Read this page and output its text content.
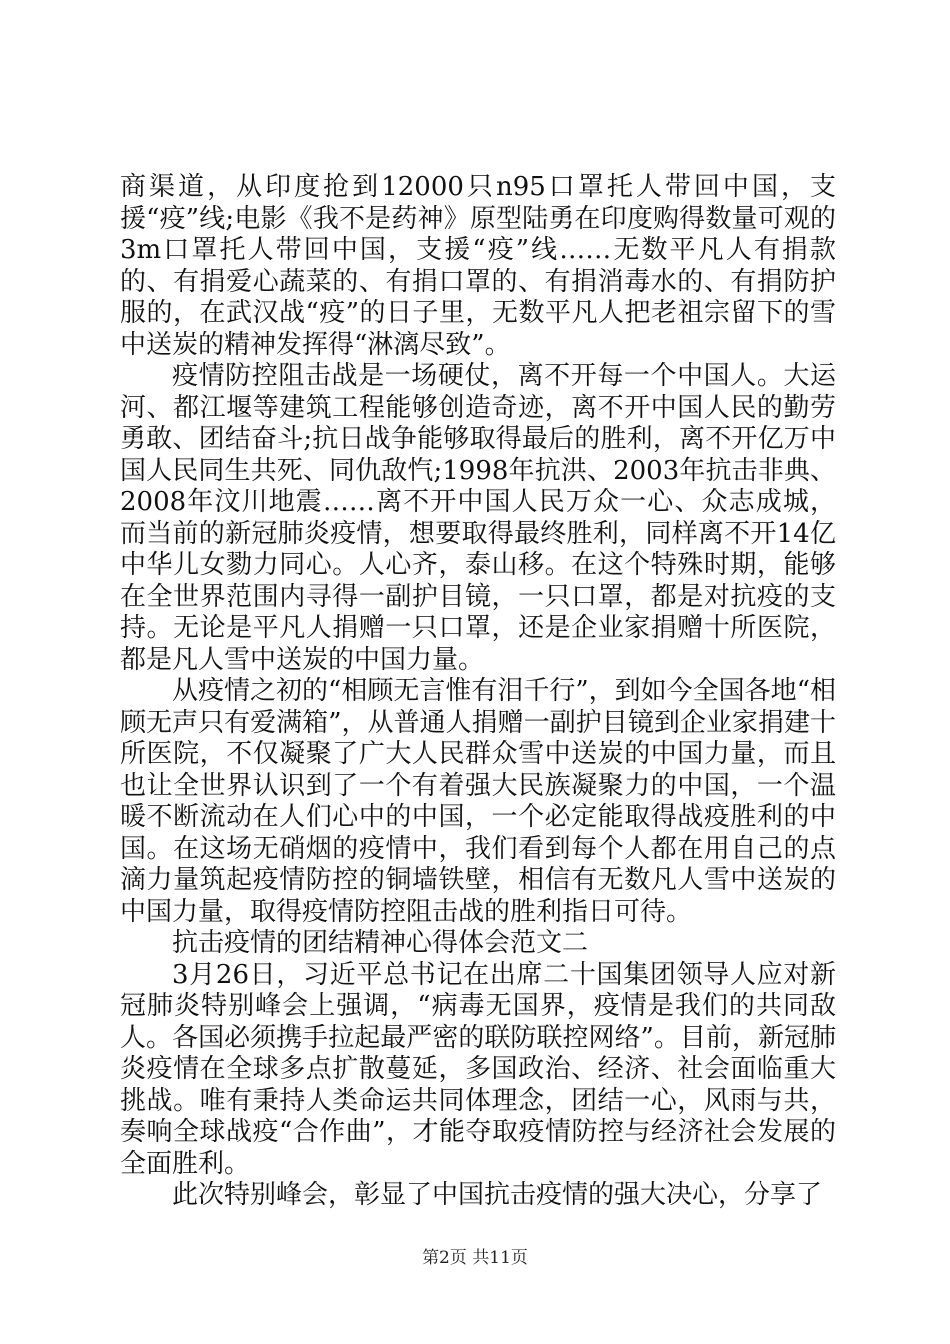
商渠道，从印度抢到12000只n95口罩托人带回中国，支援“疫”线;电影《我不是药神》原型陆勇在印度购得数量可观的3m口罩托人带回中国，支援“疫”线……无数平凡人有捐款的、有捐爱心蔬菜的、有捐口罩的、有捐消毒水的、有捐防护服的，在武汉战“疫”的日子里，无数平凡人把老祖宗留下的雪中送炭的精神发挥得“淋漓尽致”。

疫情防控阻击战是一场硬仗，离不开每一个中国人。大运河、都江堰等建筑工程能够创造奇迹，离不开中国人民的勤劳勇敢、团结奋斗;抗日战争能够取得最后的胜利，离不开亿万中国人民同生共死、同仇敌忾;1998年抗洪、2003年抗击非典、2008年汶川地震……离不开中国人民万众一心、众志成城，而当前的新冠肺炎疫情，想要取得最终胜利，同样离不开14亿中华儿女勠力同心。人心齐，泰山移。在这个特殊时期，能够在全世界范围内寻得一副护目镜，一只口罩，都是对抗疫的支持。无论是平凡人捐赠一只口罩，还是企业家捐赠十所医院，都是凡人雪中送炭的中国力量。

从疫情之初的“相顾无言惟有泪千行”，到如今全国各地“相顾无声只有爱满箱”，从普通人捐赠一副护目镜到企业家捐建十所医院，不仅凝聚了广大人民群众雪中送炭的中国力量，而且也让全世界认识到了一个有着强大民族凝聚力的中国，一个温暖不断流动在人们心中的中国，一个必定能取得战疫胜利的中国。在这场无硝烟的疫情中，我们看到每个人都在用自己的点滴力量筑起疫情防控的铜墙铁壁，相信有无数凡人雪中送炭的中国力量，取得疫情防控阻击战的胜利指日可待。

抗击疫情的团结精神心得体会范文二

3月26日，习近平总书记在出席二十国集团领导人应对新冠肺炎特别峰会上强调，“病毒无国界，疫情是我们的共同敌人。各国必须携手拉起最严密的联防联控网络”。目前，新冠肺炎疫情在全球多点扩散蔓延，多国政治、经济、社会面临重大挑战。唯有秉持人类命运共同体理念，团结一心，风雨与共，奏响全球战疫“合作曲”，才能夺取疫情防控与经济社会发展的全面胜利。

此次特别峰会，彰显了中国抗击疫情的强大决心，分享了

第2页 共11页
